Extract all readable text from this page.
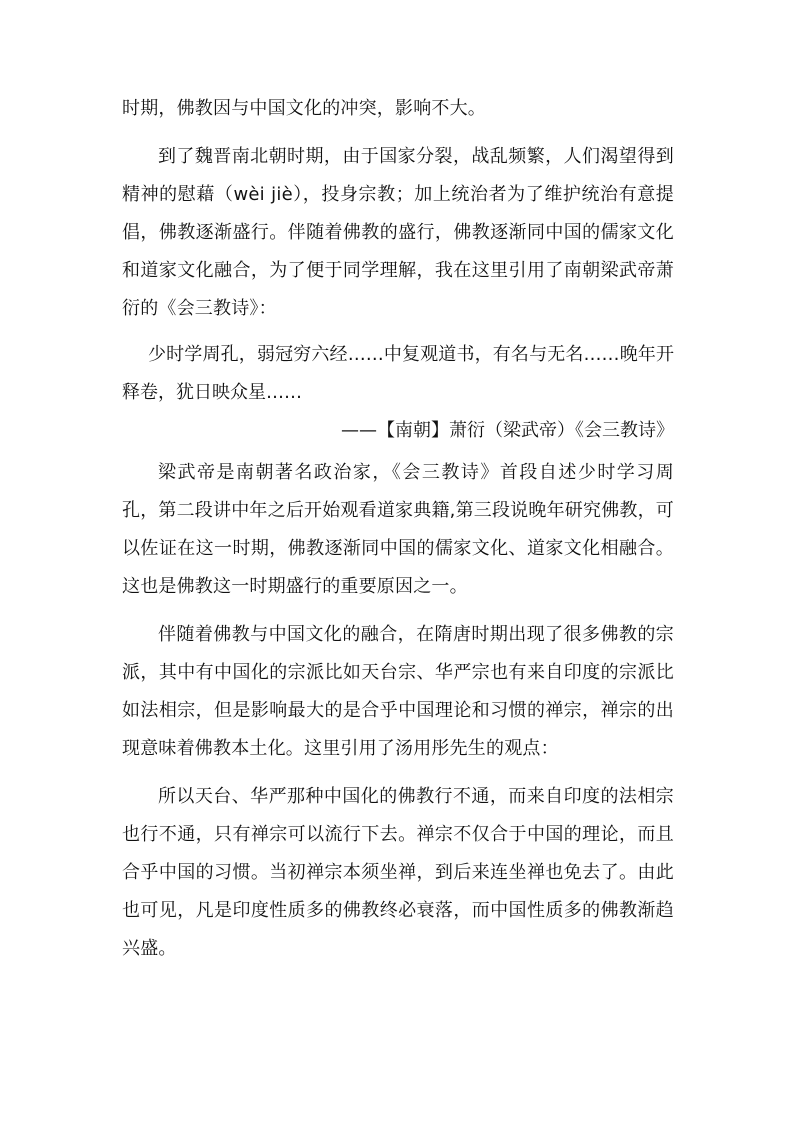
时期，佛教因与中国文化的冲突，影响不大。

到了魏晋南北朝时期，由于国家分裂，战乱频繁，人们渴望得到精神的慰藉（wèi jiè），投身宗教；加上统治者为了维护统治有意提倡，佛教逐渐盛行。伴随着佛教的盛行，佛教逐渐同中国的儒家文化和道家文化融合，为了便于同学理解，我在这里引用了南朝梁武帝萧衍的《会三教诗》：

少时学周孔，弱冠穷六经……中复观道书，有名与无名……晚年开释卷，犹日映众星……

——【南朝】萧衍（梁武帝）《会三教诗》

梁武帝是南朝著名政治家，《会三教诗》首段自述少时学习周孔，第二段讲中年之后开始观看道家典籍,第三段说晚年研究佛教，可以佐证在这一时期，佛教逐渐同中国的儒家文化、道家文化相融合。这也是佛教这一时期盛行的重要原因之一。

伴随着佛教与中国文化的融合，在隋唐时期出现了很多佛教的宗派，其中有中国化的宗派比如天台宗、华严宗也有来自印度的宗派比如法相宗，但是影响最大的是合乎中国理论和习惯的禅宗，禅宗的出现意味着佛教本土化。这里引用了汤用彤先生的观点：

所以天台、华严那种中国化的佛教行不通，而来自印度的法相宗也行不通，只有禅宗可以流行下去。禅宗不仅合于中国的理论，而且合乎中国的习惯。当初禅宗本须坐禅，到后来连坐禅也免去了。由此也可见，凡是印度性质多的佛教终必衰落，而中国性质多的佛教渐趋兴盛。
